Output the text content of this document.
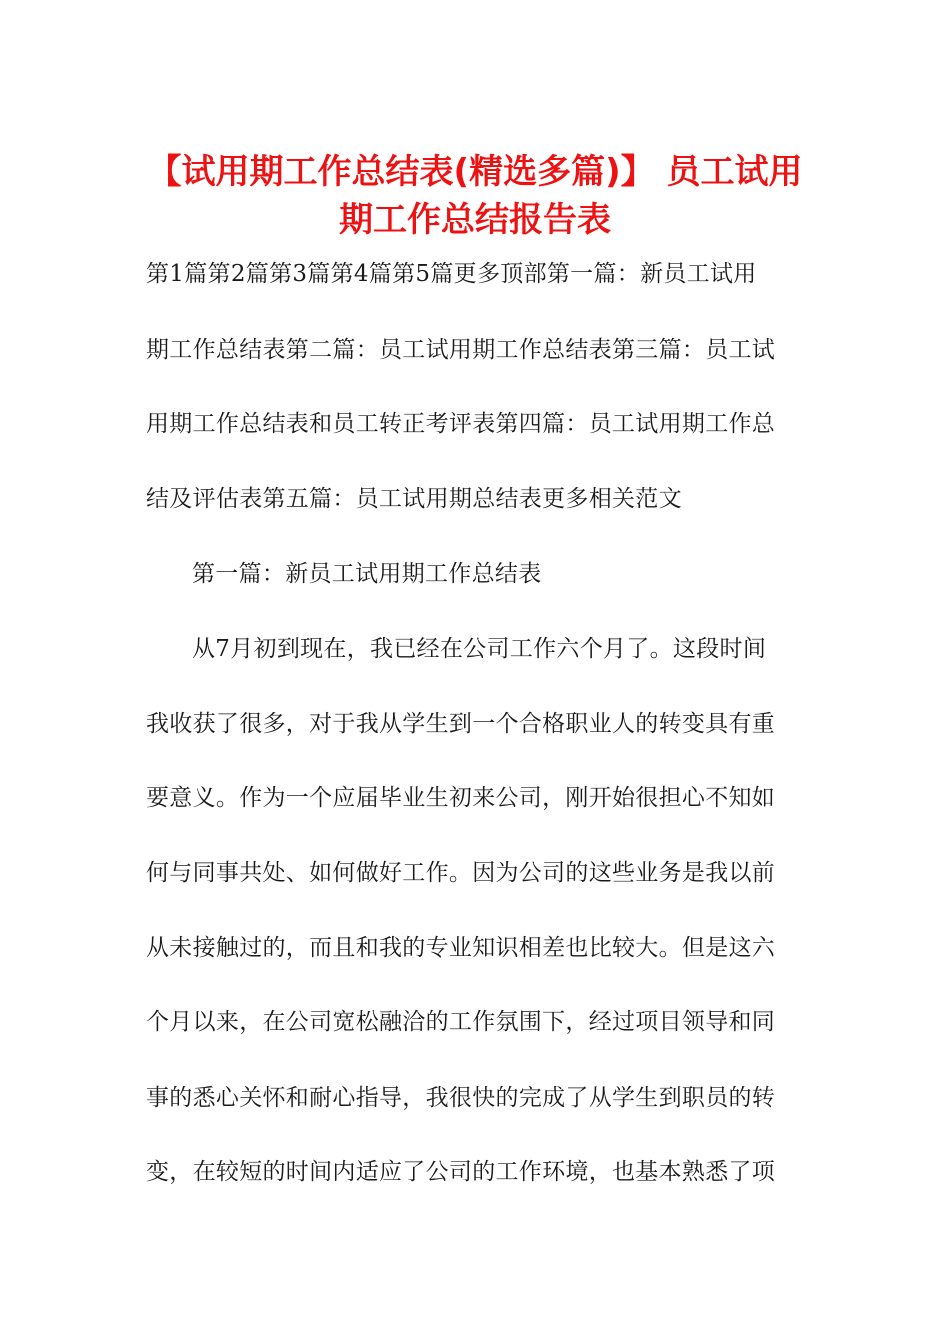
【试用期工作总结表(精选多篇)】 员工试用
期工作总结报告表
第1篇第2篇第3篇第4篇第5篇更多顶部第一篇：新员工试用
期工作总结表第二篇：员工试用期工作总结表第三篇：员工试
用期工作总结表和员工转正考评表第四篇：员工试用期工作总
结及评估表第五篇：员工试用期总结表更多相关范文
第一篇：新员工试用期工作总结表
从7月初到现在，我已经在公司工作六个月了。这段时间
我收获了很多，对于我从学生到一个合格职业人的转变具有重
要意义。作为一个应届毕业生初来公司，刚开始很担心不知如
何与同事共处、如何做好工作。因为公司的这些业务是我以前
从未接触过的，而且和我的专业知识相差也比较大。但是这六
个月以来，在公司宽松融洽的工作氛围下，经过项目领导和同
事的悉心关怀和耐心指导，我很快的完成了从学生到职员的转
变，在较短的时间内适应了公司的工作环境，也基本熟悉了项
